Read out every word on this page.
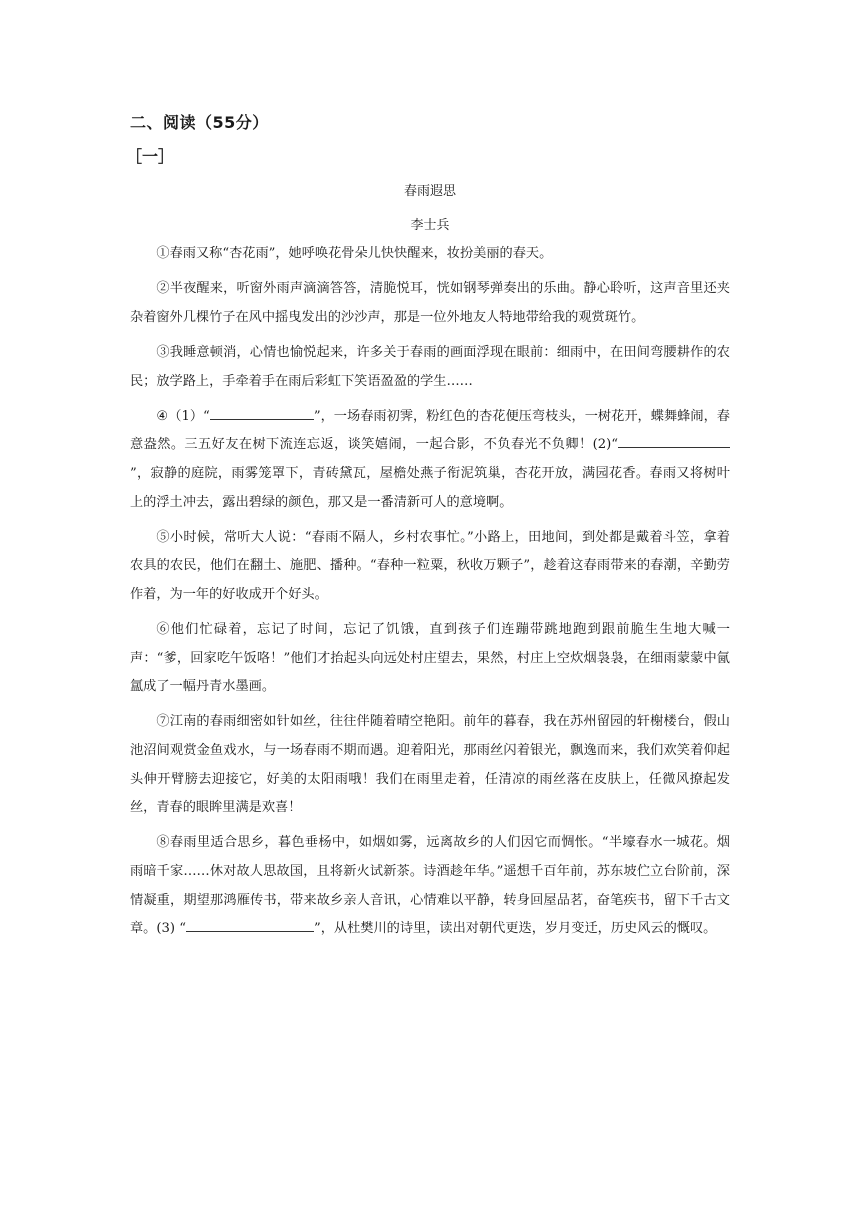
二、阅读（55分）
［一］
春雨遐思
李士兵

①春雨又称“杏花雨”，她呼唤花骨朵儿快快醒来，妆扮美丽的春天。

②半夜醒来，听窗外雨声滴滴答答，清脆悦耳，恍如钢琴弹奏出的乐曲。静心聆听，这声音里还夹杂着窗外几棵竹子在风中摇曳发出的沙沙声，那是一位外地友人特地带给我的观赏斑竹。

③我睡意顿消，心情也愉悦起来，许多关于春雨的画面浮现在眼前：细雨中，在田间弯腰耕作的农民；放学路上，手牵着手在雨后彩虹下笑语盈盈的学生……

④（1）“	”，一场春雨初霁，粉红色的杏花便压弯枝头，一树花开，蝶舞蜂闹，春意盎然。三五好友在树下流连忘返，谈笑嬉闹，一起合影，不负春光不负卿！(2)“”，寂静的庭院，雨雾笼罩下，青砖黛瓦，屋檐处燕子衔泥筑巢，杏花开放，满园花香。春雨又将树叶上的浮土冲去，露出碧绿的颜色，那又是一番清新可人的意境啊。

⑤小时候，常听大人说：“春雨不隔人，乡村农事忙。”小路上，田地间，到处都是戴着斗笠，拿着农具的农民，他们在翻土、施肥、播种。“春种一粒粟，秋收万颗子”，趁着这春雨带来的春潮，辛勤劳作着，为一年的好收成开个好头。

⑥他们忙碌着，忘记了时间，忘记了饥饿，直到孩子们连蹦带跳地跑到跟前脆生生地大喊一声：“爹，回家吃午饭咯！”他们才抬起头向远处村庄望去，果然，村庄上空炊烟袅袅，在细雨蒙蒙中氤氲成了一幅丹青水墨画。

⑦江南的春雨细密如针如丝，往往伴随着晴空艳阳。前年的暮春，我在苏州留园的轩榭楼台，假山池沼间观赏金鱼戏水，与一场春雨不期而遇。迎着阳光，那雨丝闪着银光，飘逸而来，我们欢笑着仰起头伸开臂膀去迎接它，好美的太阳雨哦！我们在雨里走着，任清凉的雨丝落在皮肤上，任微风撩起发丝，青春的眼眸里满是欢喜！

⑧春雨里适合思乡，暮色垂杨中，如烟如雾，远离故乡的人们因它而惆怅。“半壕春水一城花。烟雨暗千家……休对故人思故国，且将新火试新茶。诗酒趁年华。”遥想千百年前，苏东坡伫立台阶前，深情凝重，期望那鸿雁传书，带来故乡亲人音讯，心情难以平静，转身回屋品茗，奋笔疾书，留下千古文章。(3) “	”，从杜樊川的诗里，读出对朝代更迭，岁月变迁，历史风云的慨叹。
